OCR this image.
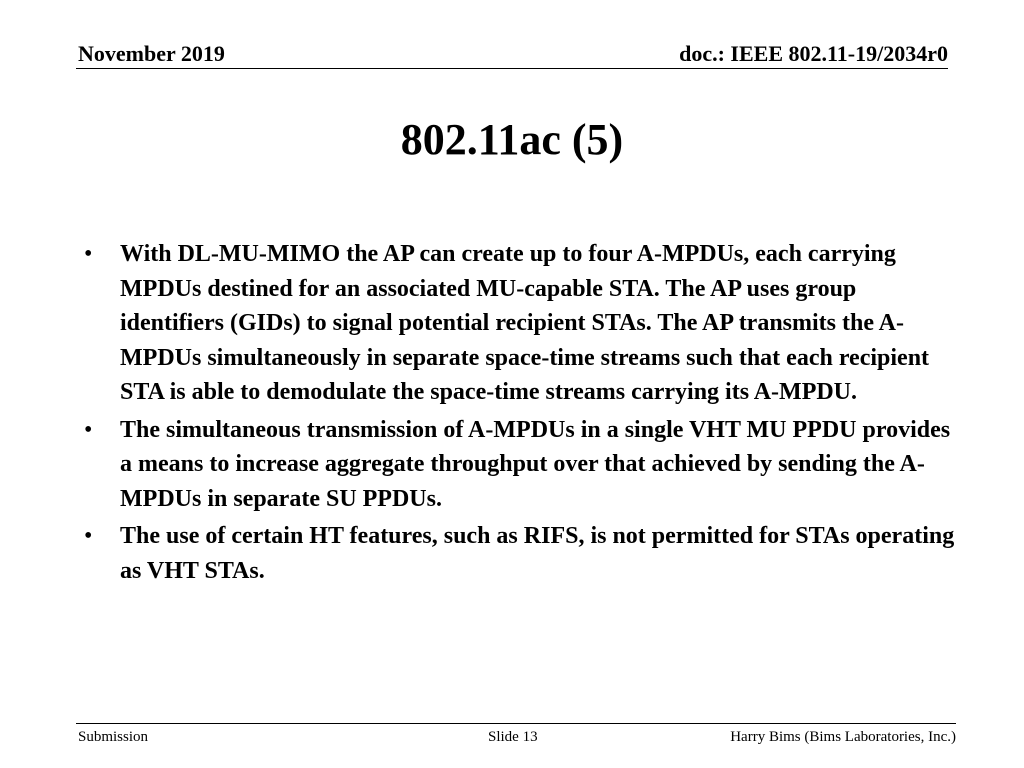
November 2019	doc.: IEEE 802.11-19/2034r0
802.11ac (5)
• With DL-MU-MIMO the AP can create up to four A-MPDUs, each carrying MPDUs destined for an associated MU-capable STA. The AP uses group identifiers (GIDs) to signal potential recipient STAs. The AP transmits the A-MPDUs simultaneously in separate space-time streams such that each recipient STA is able to demodulate the space-time streams carrying its A-MPDU.
• The simultaneous transmission of A-MPDUs in a single VHT MU PPDU provides a means to increase aggregate throughput over that achieved by sending the A-MPDUs in separate SU PPDUs.
• The use of certain HT features, such as RIFS, is not permitted for STAs operating as VHT STAs.
Submission	Slide 13	Harry Bims (Bims Laboratories, Inc.)
